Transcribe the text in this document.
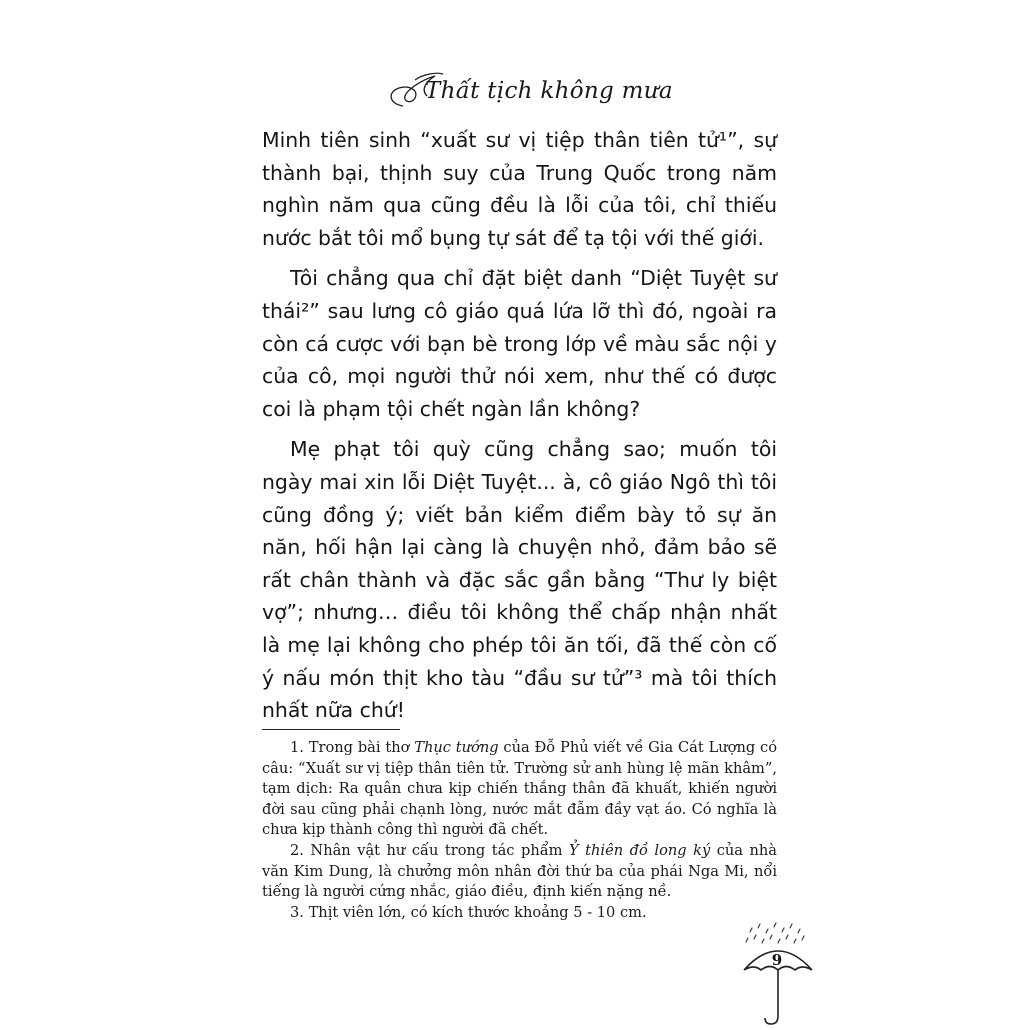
Thất tịch không mưa

Minh tiên sinh “xuất sư vị tiệp thân tiên tử¹”, sự thành bại, thịnh suy của Trung Quốc trong năm nghìn năm qua cũng đều là lỗi của tôi, chỉ thiếu nước bắt tôi mổ bụng tự sát để tạ tội với thế giới.

Tôi chẳng qua chỉ đặt biệt danh “Diệt Tuyệt sư thái²” sau lưng cô giáo quá lứa lỡ thì đó, ngoài ra còn cá cược với bạn bè trong lớp về màu sắc nội y của cô, mọi người thử nói xem, như thế có được coi là phạm tội chết ngàn lần không?

Mẹ phạt tôi quỳ cũng chẳng sao; muốn tôi ngày mai xin lỗi Diệt Tuyệt... à, cô giáo Ngô thì tôi cũng đồng ý; viết bản kiểm điểm bày tỏ sự ăn năn, hối hận lại càng là chuyện nhỏ, đảm bảo sẽ rất chân thành và đặc sắc gần bằng “Thư ly biệt vợ”; nhưng… điều tôi không thể chấp nhận nhất là mẹ lại không cho phép tôi ăn tối, đã thế còn cố ý nấu món thịt kho tàu “đầu sư tử”³ mà tôi thích nhất nữa chứ!

1. Trong bài thơ Thục tướng của Đỗ Phủ viết về Gia Cát Lượng có câu: “Xuất sư vị tiệp thân tiên tử. Trường sử anh hùng lệ mãn khâm”, tạm dịch: Ra quân chưa kịp chiến thắng thân đã khuất, khiến người đời sau cũng phải chạnh lòng, nước mắt đẫm đầy vạt áo. Có nghĩa là chưa kịp thành công thì người đã chết.

2. Nhân vật hư cấu trong tác phẩm Ỷ thiên đồ long ký của nhà văn Kim Dung, là chưởng môn nhân đời thứ ba của phái Nga Mi, nổi tiếng là người cứng nhắc, giáo điều, định kiến nặng nề.

3. Thịt viên lớn, có kích thước khoảng 5 - 10 cm.

9
